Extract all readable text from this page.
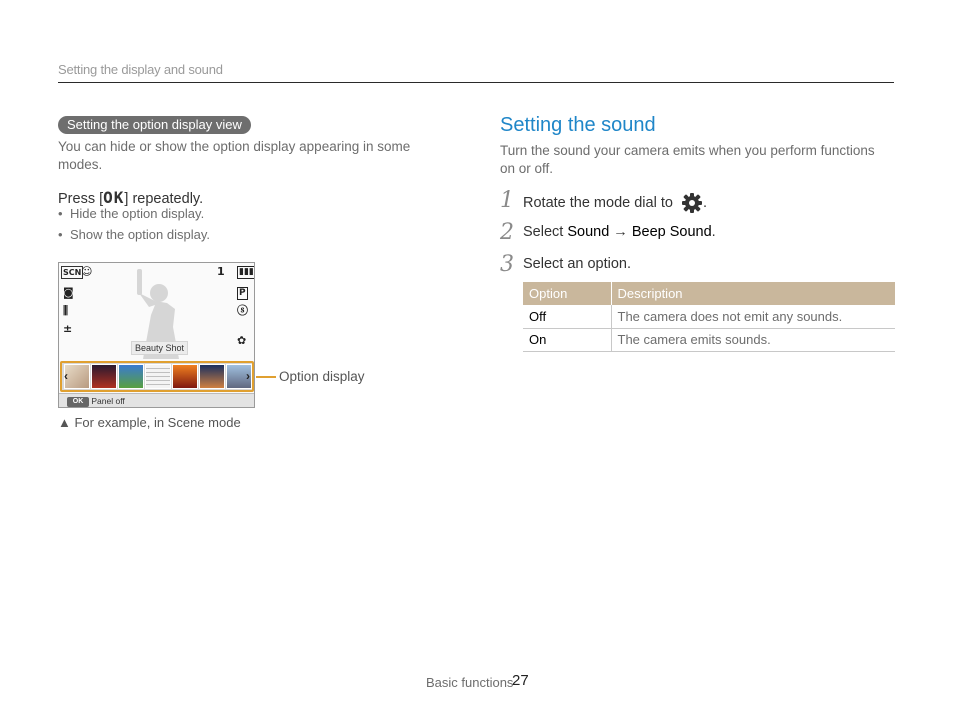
Setting the display and sound
Setting the option display view
You can hide or show the option display appearing in some modes.
Press [OK] repeatedly.
• Hide the option display.
• Show the option display.
SCN ☺	1 ▮▮▮
◙	P
⫼	ⓢ
±
✿
Beauty Shot
‹	›
OK Panel off
Option display
▲ For example, in Scene mode
Setting the sound
Turn the sound your camera emits when you perform functions on or off.
1 Rotate the mode dial to .
2 Select Sound → Beep Sound.
3 Select an option.
Option	Description
Off	The camera does not emit any sounds.
On	The camera emits sounds.
Basic functions
27
